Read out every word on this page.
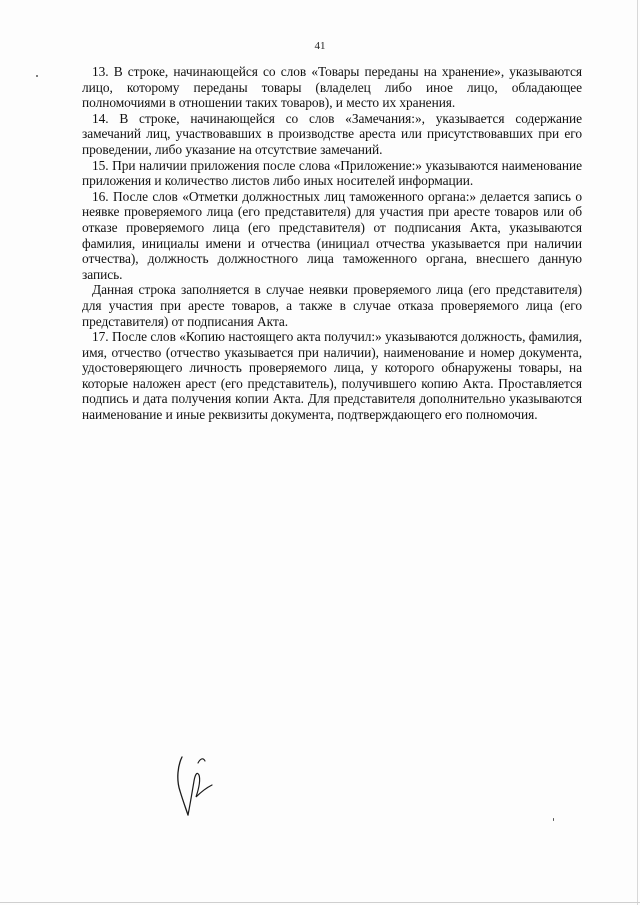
41

13. В строке, начинающейся со слов «Товары переданы на хранение», указываются лицо, которому переданы товары (владелец либо иное лицо, обладающее полномочиями в отношении таких товаров), и место их хранения.

14. В строке, начинающейся со слов «Замечания:», указывается содержание замечаний лиц, участвовавших в производстве ареста или присутствовавших при его проведении, либо указание на отсутствие замечаний.

15. При наличии приложения после слова «Приложение:» указываются наименование приложения и количество листов либо иных носителей информации.

16. После слов «Отметки должностных лиц таможенного органа:» делается запись о неявке проверяемого лица (его представителя) для участия при аресте товаров или об отказе проверяемого лица (его представителя) от подписания Акта, указываются фамилия, инициалы имени и отчества (инициал отчества указывается при наличии отчества), должность должностного лица таможенного органа, внесшего данную запись.

Данная строка заполняется в случае неявки проверяемого лица (его представителя) для участия при аресте товаров, а также в случае отказа проверяемого лица (его представителя) от подписания Акта.

17. После слов «Копию настоящего акта получил:» указываются должность, фамилия, имя, отчество (отчество указывается при наличии), наименование и номер документа, удостоверяющего личность проверяемого лица, у которого обнаружены товары, на которые наложен арест (его представитель), получившего копию Акта. Проставляется подпись и дата получения копии Акта. Для представителя дополнительно указываются наименование и иные реквизиты документа, подтверждающего его полномочия.
